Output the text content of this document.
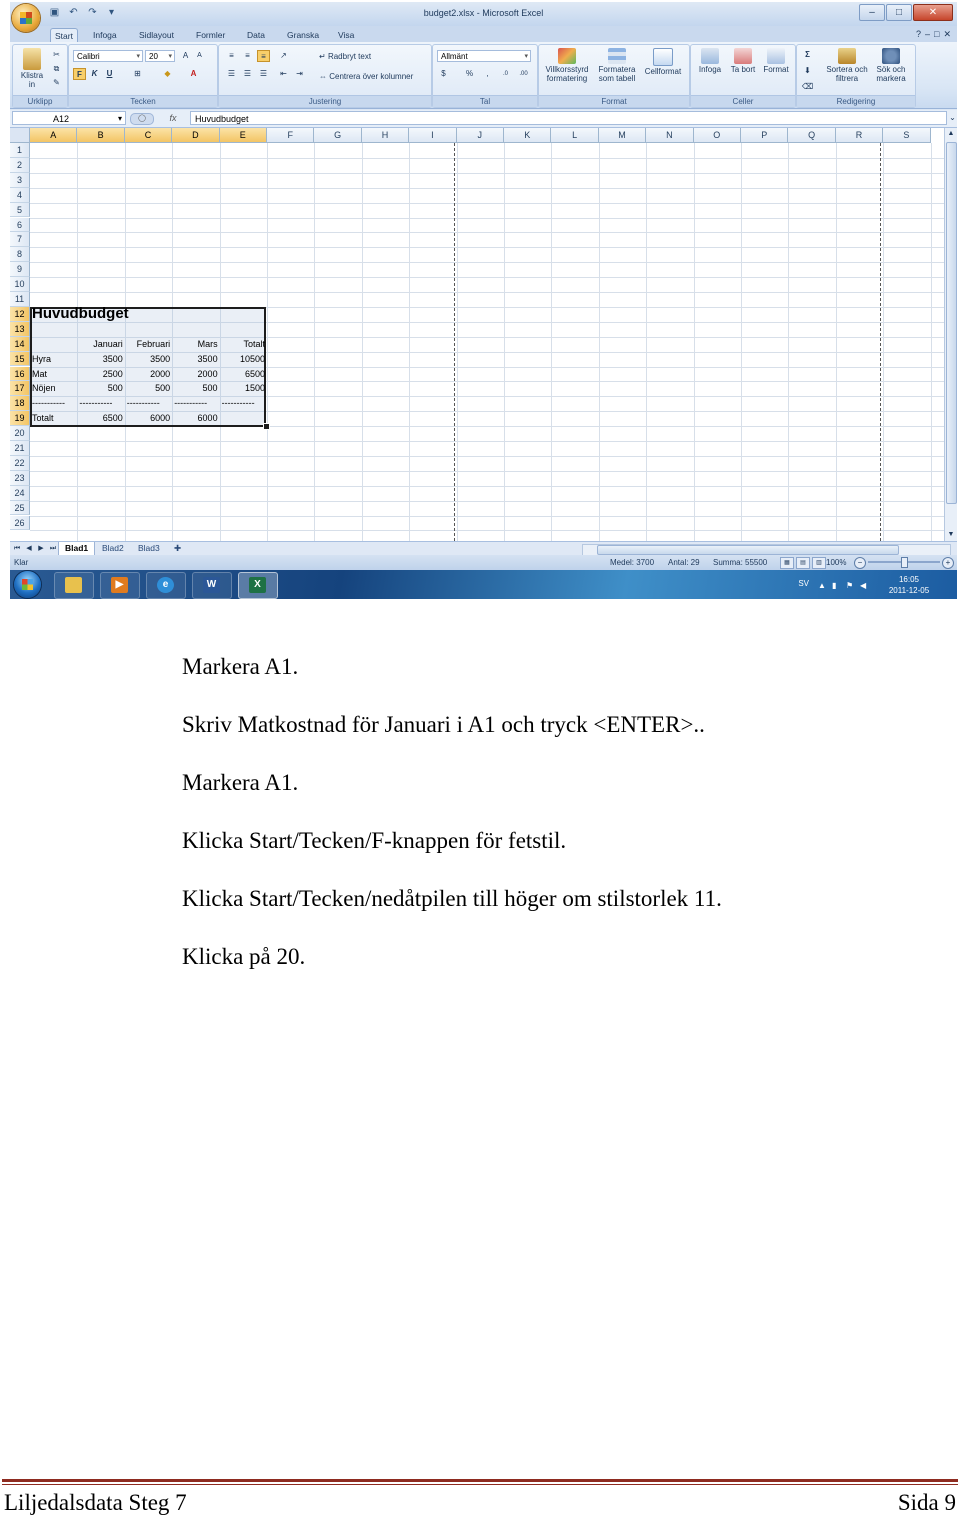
▣ ↶ ↷	▾	budget2.xlsx - Microsoft Excel	–	□	✕
Start	Infoga	Sidlayout	Formler	Data	Granska	Visa	? – □ ✕
Klistra in
✂
⧉
✎
Urklipp
Calibri ▾	20 ▾	A	A
F	K	U	⊞	◆	A
Tecken
≡	≡	≡	↗
☰	☰	☰	⇤	⇥
↵ Radbryt text
⇔ Centrera över kolumner
Justering
Allmänt ▾
$	%	,	.0	.00
Tal
Villkorsstyrd formatering
Formatera som tabell
Cellformat
Format
Infoga	Ta bort Format
Celler
Σ
⬇
⌫
Sortera och filtrera
Sök och markera
Redigering
A12 ▾	◯	fx	Huvudbudget	⌄
A	B	C	D	E	F	G	H	I	J	K	L	M	N	O	P	Q	R	S
1
2
3
4
5
6
7
8
9
10
11
12
13
14
15
16
17
18
19
20
21
22
23
24
25
26
Huvudbudget
Januari	Februari	Mars	Totalt
Hyra	3500	3500	3500	10500
Mat	2500	2000	2000	6500
Nöjen	500	500	500	1500
-----------	-----------	-----------	-----------	-----------
Totalt	6500	6000	6000
▲
▼
⏮ ◀ ▶ ⏭	Blad1	Blad2	Blad3	✚
Klar	Medel: 3700 Antal: 29 Summa: 55500	▦	▤	▥ 100%	−	+
▶	e	W	X	SV ▲ ▮	⚑ ◀
16:05
2011-12-05
Markera A1.
Skriv Matkostnad för Januari i A1 och tryck <ENTER>..
Markera A1.
Klicka Start/Tecken/F-knappen för fetstil.
Klicka Start/Tecken/nedåtpilen till höger om stilstorlek 11.
Klicka på 20.
Liljedalsdata Steg 7	Sida 9
